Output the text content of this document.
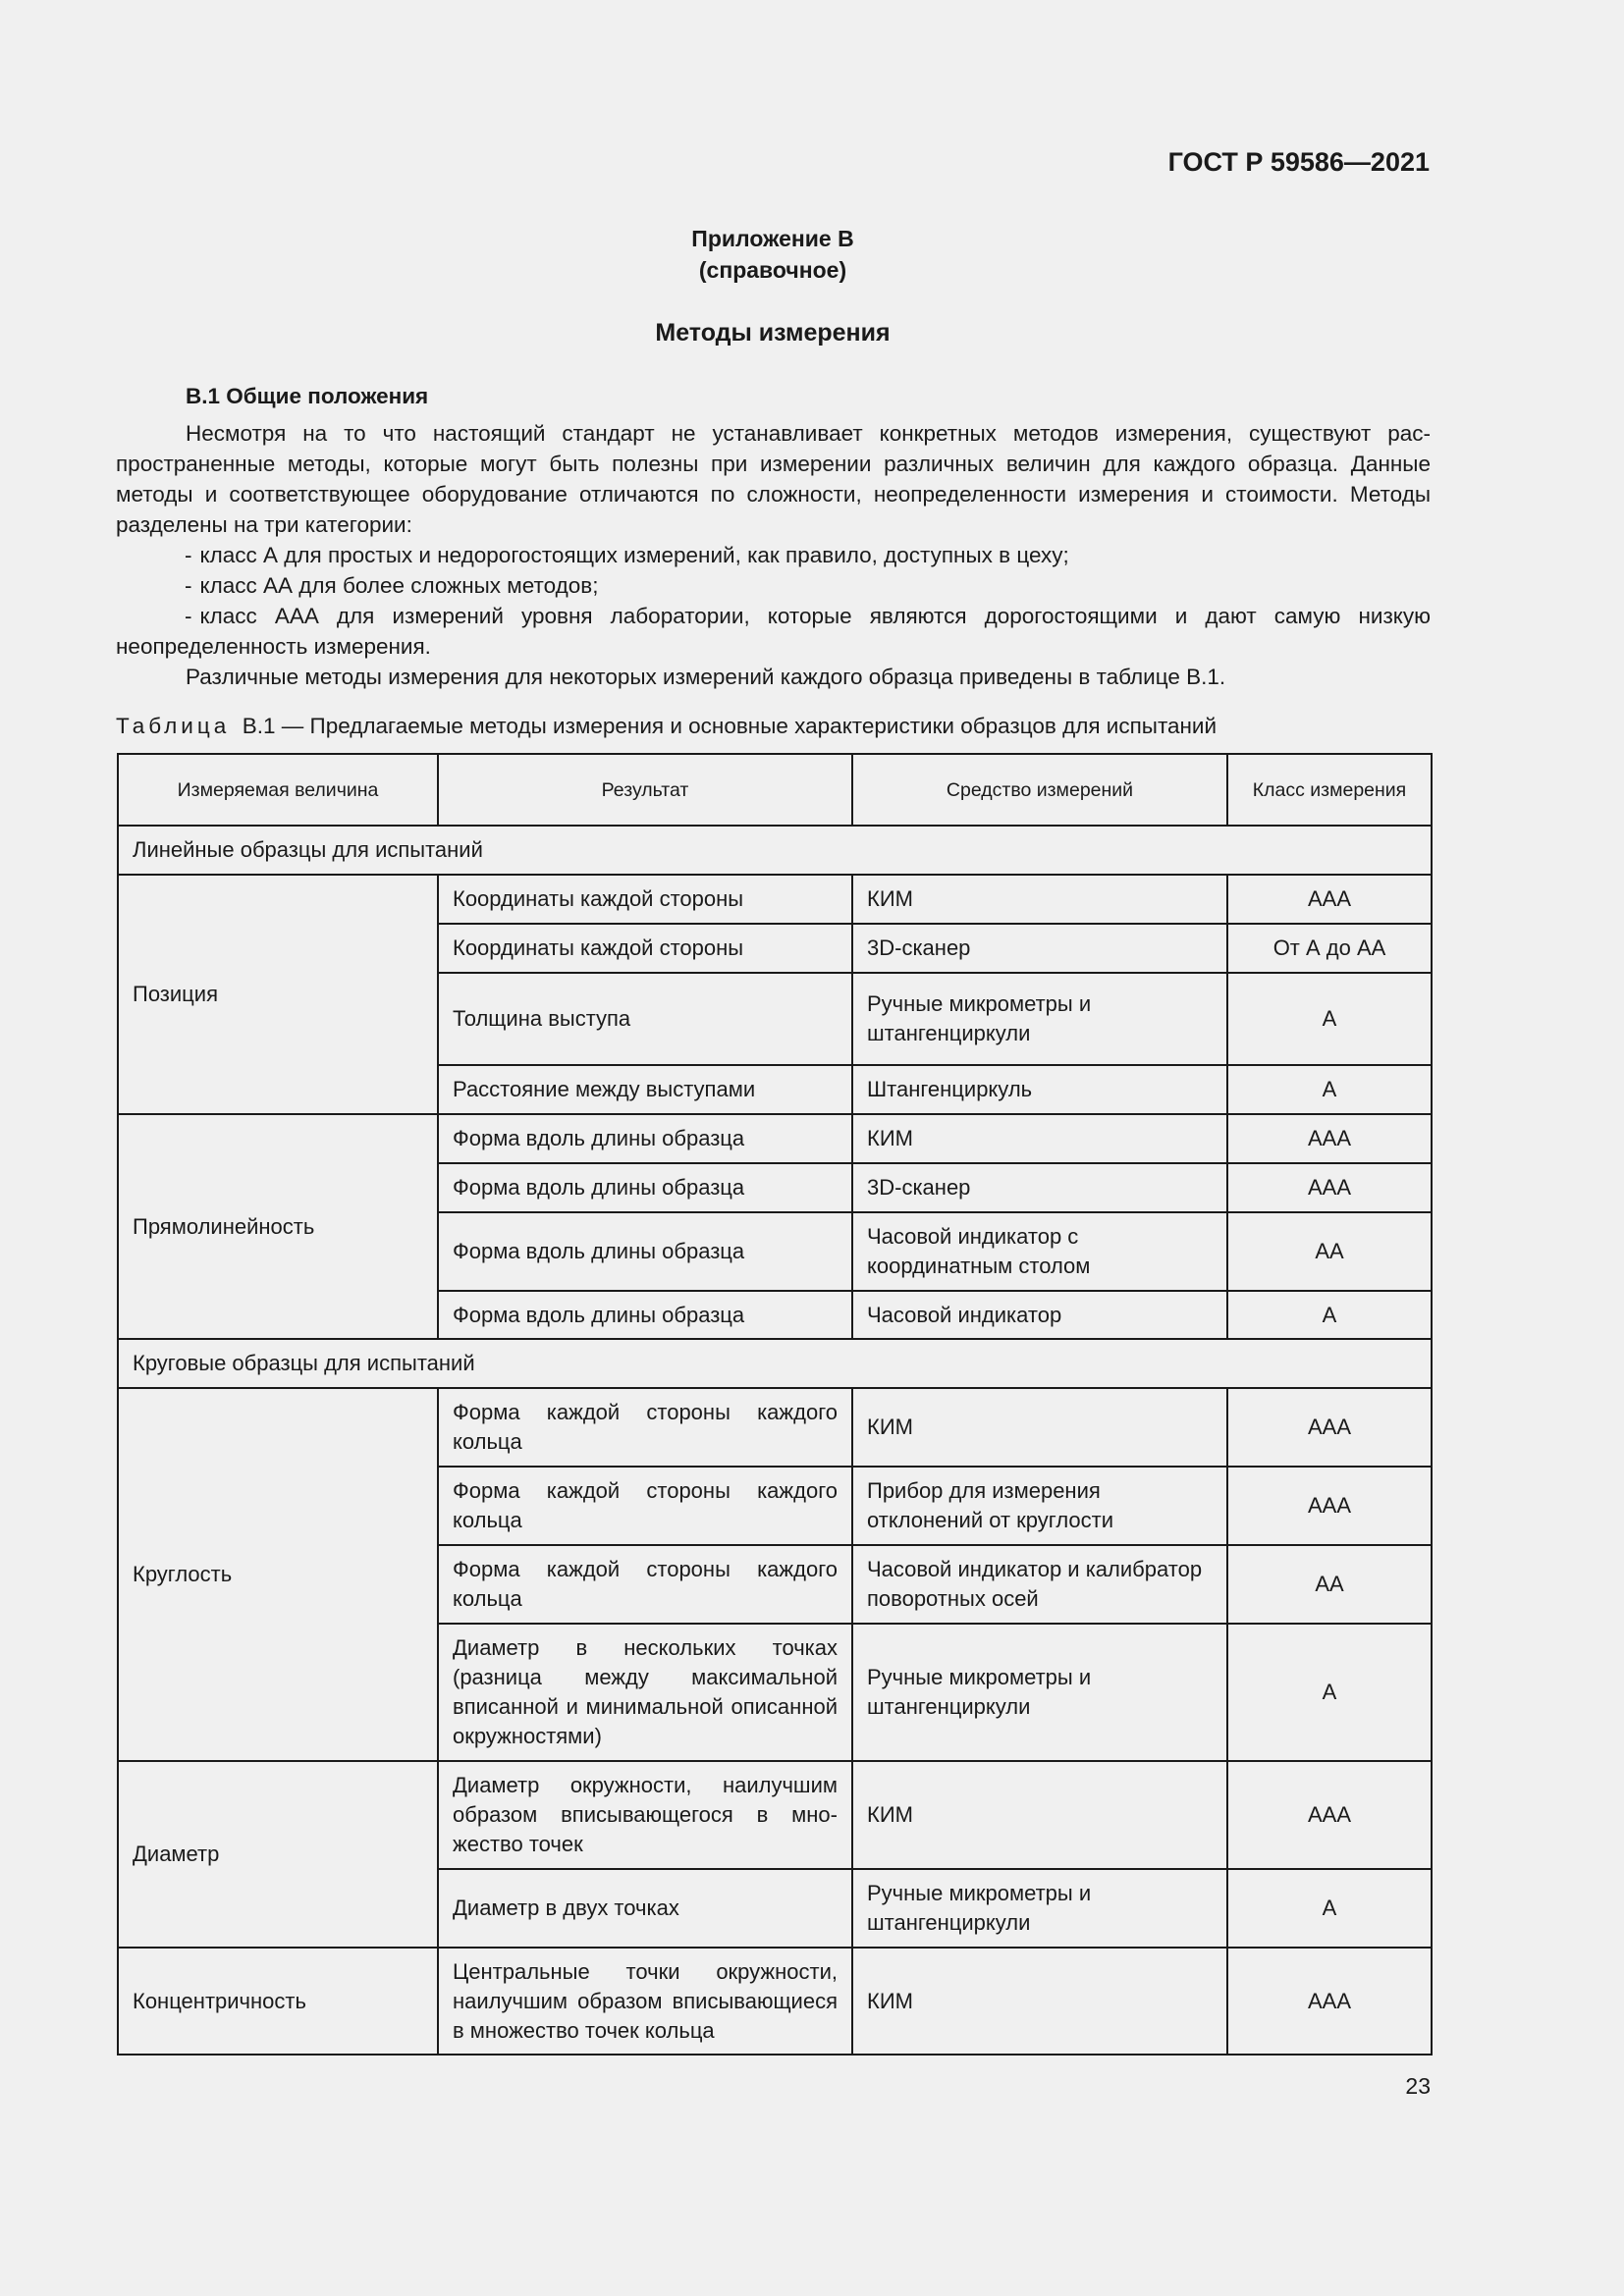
ГОСТ Р 59586—2021
Приложение В
(справочное)
Методы измерения
В.1 Общие положения

Несмотря на то что настоящий стандарт не устанавливает конкретных методов измерения, существуют распространенные методы, которые могут быть полезны при измерении различных величин для каждого образца. Данные методы и соответствующее оборудование отличаются по сложности, неопределенности измерения и стоимости. Методы разделены на три категории:

- класс А для простых и недорогостоящих измерений, как правило, доступных в цеху;

- класс АА для более сложных методов;

- класс ААА для измерений уровня лаборатории, которые являются дорогостоящими и дают самую низкую неопределенность измерения.

Различные методы измерения для некоторых измерений каждого образца приведены в таблице В.1.

Таблица В.1 — Предлагаемые методы измерения и основные характеристики образцов для испытаний
Измеряемая величина	Результат	Средство измерений	Класс измерения
Линейные образцы для испытаний			
Позиция	Координаты каждой стороны	КИМ	ААА
	Координаты каждой стороны	3D-сканер	От А до АА
	Толщина выступа	Ручные микрометры и штангенциркули	А
	Расстояние между выступами	Штангенциркуль	А
Прямолинейность	Форма вдоль длины образца	КИМ	ААА
	Форма вдоль длины образца	3D-сканер	ААА
	Форма вдоль длины образца	Часовой индикатор с координатным столом	АА
	Форма вдоль длины образца	Часовой индикатор	А
Круговые образцы для испытаний			
Круглость	Форма каждой стороны каждого кольца	КИМ	ААА
	Форма каждой стороны каждого кольца	Прибор для измерения отклонений от круглости	ААА
	Форма каждой стороны каждого кольца	Часовой индикатор и калибратор поворотных осей	АА
	Диаметр в нескольких точках (разница между максимальной вписанной и минимальной описанной окружностями)	Ручные микрометры и штангенциркули	А
Диаметр	Диаметр окружности, наилучшим образом вписывающегося в множество точек	КИМ	ААА
	Диаметр в двух точках	Ручные микрометры и штангенциркули	А
Концентричность	Центральные точки окружности, наилучшим образом вписывающиеся в множество точек кольца	КИМ	ААА
23
